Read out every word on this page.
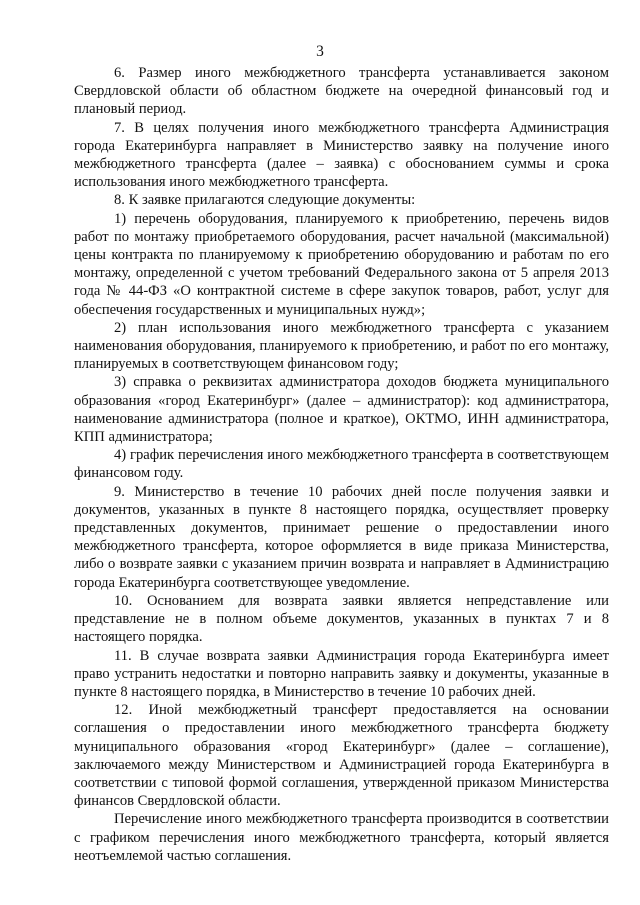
3

6. Размер иного межбюджетного трансферта устанавливается законом Свердловской области об областном бюджете на очередной финансовый год и плановый период.

7. В целях получения иного межбюджетного трансферта Администрация города Екатеринбурга направляет в Министерство заявку на получение иного межбюджетного трансферта (далее – заявка) с обоснованием суммы и срока использования иного межбюджетного трансферта.

8. К заявке прилагаются следующие документы:

1) перечень оборудования, планируемого к приобретению, перечень видов работ по монтажу приобретаемого оборудования, расчет начальной (максимальной) цены контракта по планируемому к приобретению оборудованию и работам по его монтажу, определенной с учетом требований Федерального закона от 5 апреля 2013 года № 44-ФЗ «О контрактной системе в сфере закупок товаров, работ, услуг для обеспечения государственных и муниципальных нужд»;

2) план использования иного межбюджетного трансферта с указанием наименования оборудования, планируемого к приобретению, и работ по его монтажу, планируемых в соответствующем финансовом году;

3) справка о реквизитах администратора доходов бюджета муниципального образования «город Екатеринбург» (далее – администратор): код администратора, наименование администратора (полное и краткое), ОКТМО, ИНН администратора, КПП администратора;

4) график перечисления иного межбюджетного трансферта в соответствующем финансовом году.

9. Министерство в течение 10 рабочих дней после получения заявки и документов, указанных в пункте 8 настоящего порядка, осуществляет проверку представленных документов, принимает решение о предоставлении иного межбюджетного трансферта, которое оформляется в виде приказа Министерства, либо о возврате заявки с указанием причин возврата и направляет в Администрацию города Екатеринбурга соответствующее уведомление.

10. Основанием для возврата заявки является непредставление или представление не в полном объеме документов, указанных в пунктах 7 и 8 настоящего порядка.

11. В случае возврата заявки Администрация города Екатеринбурга имеет право устранить недостатки и повторно направить заявку и документы, указанные в пункте 8 настоящего порядка, в Министерство в течение 10 рабочих дней.

12. Иной межбюджетный трансферт предоставляется на основании соглашения о предоставлении иного межбюджетного трансферта бюджету муниципального образования «город Екатеринбург» (далее – соглашение), заключаемого между Министерством и Администрацией города Екатеринбурга в соответствии с типовой формой соглашения, утвержденной приказом Министерства финансов Свердловской области.

Перечисление иного межбюджетного трансферта производится в соответствии с графиком перечисления иного межбюджетного трансферта, который является неотъемлемой частью соглашения.
